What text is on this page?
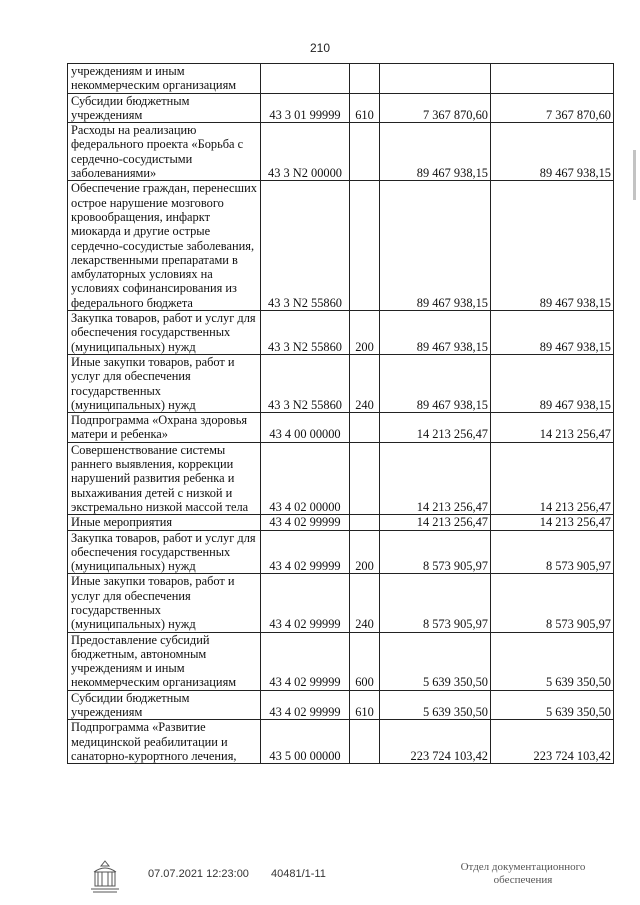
210
учреждениям и иным некоммерческим организациям				
Субсидии бюджетным учреждениям	43 3 01 99999	610	7 367 870,60	7 367 870,60
Расходы на реализацию федерального проекта «Борьба с сердечно-сосудистыми заболеваниями»	43 3 N2 00000		89 467 938,15	89 467 938,15
Обеспечение граждан, перенесших острое нарушение мозгового кровообращения, инфаркт миокарда и другие острые сердечно-сосудистые заболевания, лекарственными препаратами в амбулаторных условиях на условиях софинансирования из федерального бюджета	43 3 N2 55860		89 467 938,15	89 467 938,15
Закупка товаров, работ и услуг для обеспечения государственных (муниципальных) нужд	43 3 N2 55860	200	89 467 938,15	89 467 938,15
Иные закупки товаров, работ и услуг для обеспечения государственных (муниципальных) нужд	43 3 N2 55860	240	89 467 938,15	89 467 938,15
Подпрограмма «Охрана здоровья матери и ребенка»	43 4 00 00000		14 213 256,47	14 213 256,47
Совершенствование системы раннего выявления, коррекции нарушений развития ребенка и выхаживания детей с низкой и экстремально низкой массой тела	43 4 02 00000		14 213 256,47	14 213 256,47
Иные мероприятия	43 4 02 99999		14 213 256,47	14 213 256,47
Закупка товаров, работ и услуг для обеспечения государственных (муниципальных) нужд	43 4 02 99999	200	8 573 905,97	8 573 905,97
Иные закупки товаров, работ и услуг для обеспечения государственных (муниципальных) нужд	43 4 02 99999	240	8 573 905,97	8 573 905,97
Предоставление субсидий бюджетным, автономным учреждениям и иным некоммерческим организациям	43 4 02 99999	600	5 639 350,50	5 639 350,50
Субсидии бюджетным учреждениям	43 4 02 99999	610	5 639 350,50	5 639 350,50
Подпрограмма «Развитие медицинской реабилитации и санаторно-курортного лечения,	43 5 00 00000		223 724 103,42	223 724 103,42
07.07.2021 12:23:00 40481/1-11
Отдел документационного
обеспечения
